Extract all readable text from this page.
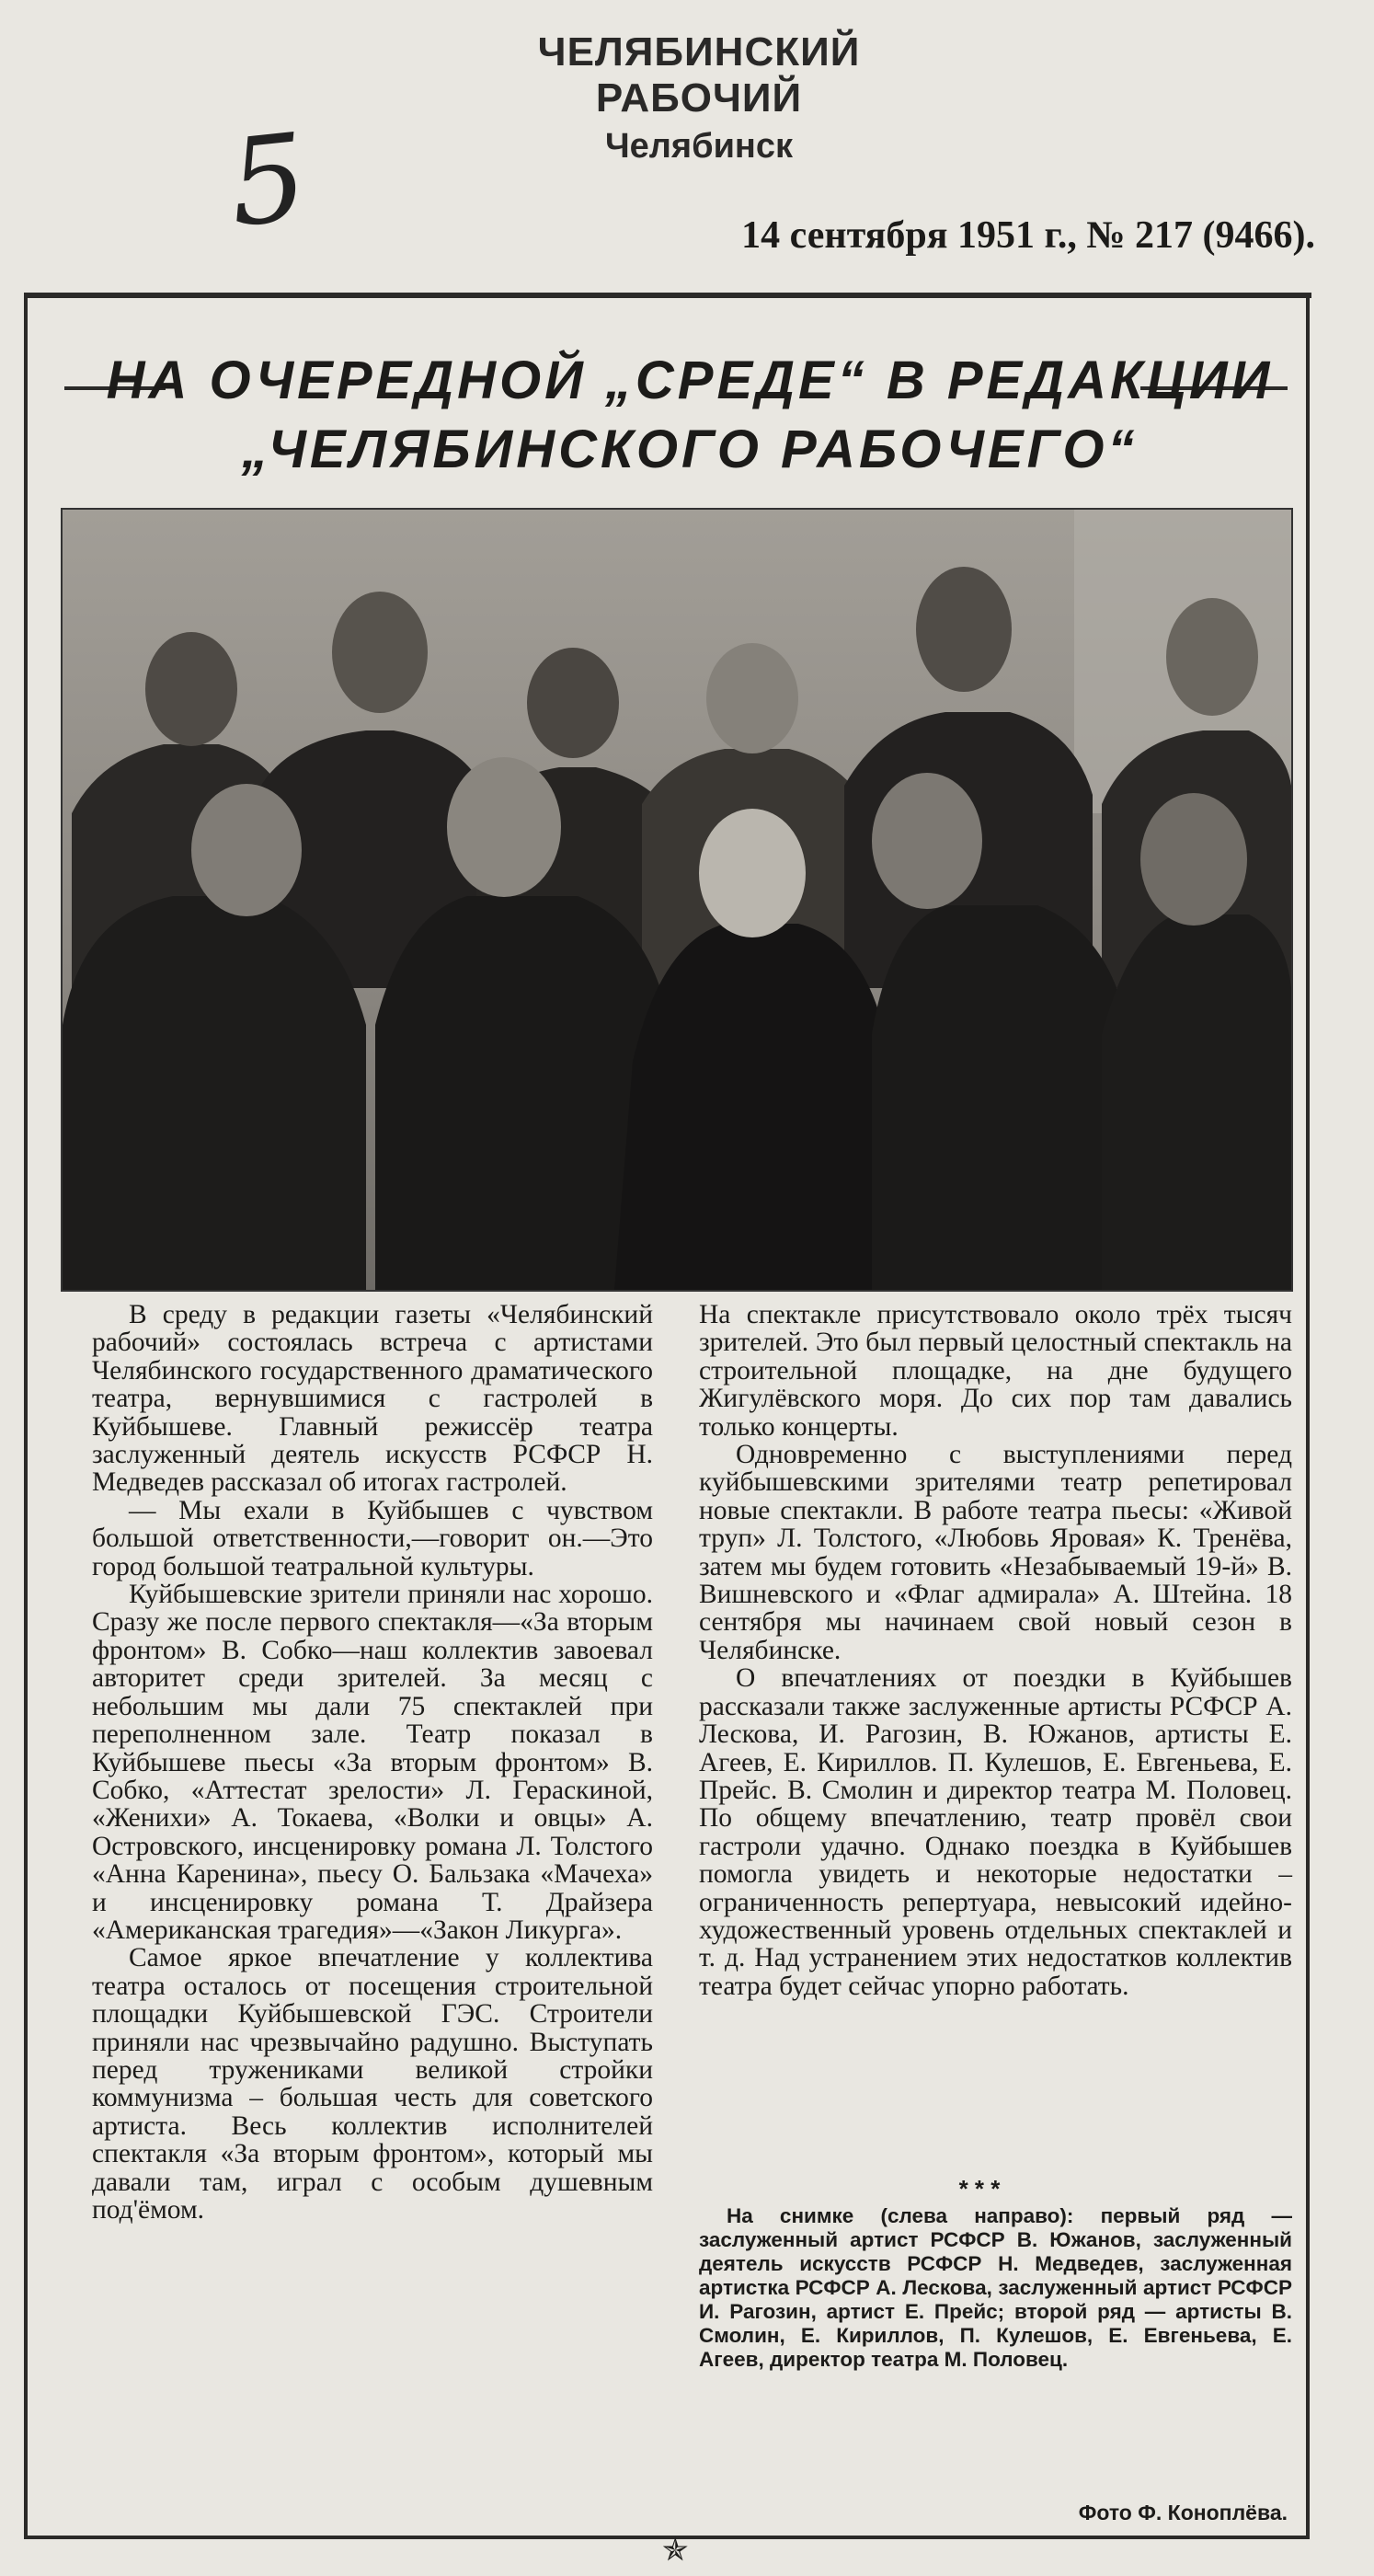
5
ЧЕЛЯБИНСКИЙ РАБОЧИЙ
Челябинск
14 сентября 1951 г., № 217 (9466).
НА ОЧЕРЕДНОЙ „СРЕДЕ“ В РЕДАКЦИИ
„ЧЕЛЯБИНСКОГО РАБОЧЕГО“

В среду в редакции газеты «Челябинский рабочий» состоялась встреча с артистами Челябинского государственного драматического театра, вернувшимися с гастролей в Куйбышеве. Главный режиссёр театра заслуженный деятель искусств РСФСР Н. Медведев рассказал об итогах гастролей.

— Мы ехали в Куйбышев с чувством большой ответственности,—говорит он.—Это город большой театральной культуры.

Куйбышевские зрители приняли нас хорошо. Сразу же после первого спектакля—«За вторым фронтом» В. Собко—наш коллектив завоевал авторитет среди зрителей. За месяц с небольшим мы дали 75 спектаклей при переполненном зале. Театр показал в Куйбышеве пьесы «За вторым фронтом» В. Собко, «Аттестат зрелости» Л. Гераскиной, «Женихи» А. Токаева, «Волки и овцы» А. Островского, инсценировку романа Л. Толстого «Анна Каренина», пьесу О. Бальзака «Мачеха» и инсценировку романа Т. Драйзера «Американская трагедия»—«Закон Ликурга».

Самое яркое впечатление у коллектива театра осталось от посещения строительной площадки Куйбышевской ГЭС. Строители приняли нас чрезвычайно радушно. Выступать перед тружениками великой стройки коммунизма – большая честь для советского артиста. Весь коллектив исполнителей спектакля «За вторым фронтом», который мы давали там, играл с особым душевным под'ёмом.

На спектакле присутствовало около трёх тысяч зрителей. Это был первый целостный спектакль на строительной площадке, на дне будущего Жигулёвского моря. До сих пор там давались только концерты.

Одновременно с выступлениями перед куйбышевскими зрителями театр репетировал новые спектакли. В работе театра пьесы: «Живой труп» Л. Толстого, «Любовь Яровая» К. Тренёва, затем мы будем готовить «Незабываемый 19-й» В. Вишневского и «Флаг адмирала» А. Штейна. 18 сентября мы начинаем свой новый сезон в Челябинске.

О впечатлениях от поездки в Куйбышев рассказали также заслуженные артисты РСФСР А. Лескова, И. Рагозин, В. Южанов, артисты Е. Агеев, Е. Кириллов. П. Кулешов, Е. Евгеньева, Е. Прейс. В. Смолин и директор театра М. Половец. По общему впечатлению, театр провёл свои гастроли удачно. Однако поездка в Куйбышев помогла увидеть и некоторые недостатки – ограниченность репертуара, невысокий идейно-художественный уровень отдельных спектаклей и т. д. Над устранением этих недостатков коллектив театра будет сейчас упорно работать.

* * *
На снимке (слева направо): первый ряд — заслуженный артист РСФСР В. Южанов, заслуженный деятель искусств РСФСР Н. Медведев, заслуженная артистка РСФСР А. Лескова, заслуженный артист РСФСР И. Рагозин, артист Е. Прейс; второй ряд — артисты В. Смолин, Е. Кириллов, П. Кулешов, Е. Евгеньева, Е. Агеев, директор театра М. Половец.
Фото Ф. Коноплёва.
✯
